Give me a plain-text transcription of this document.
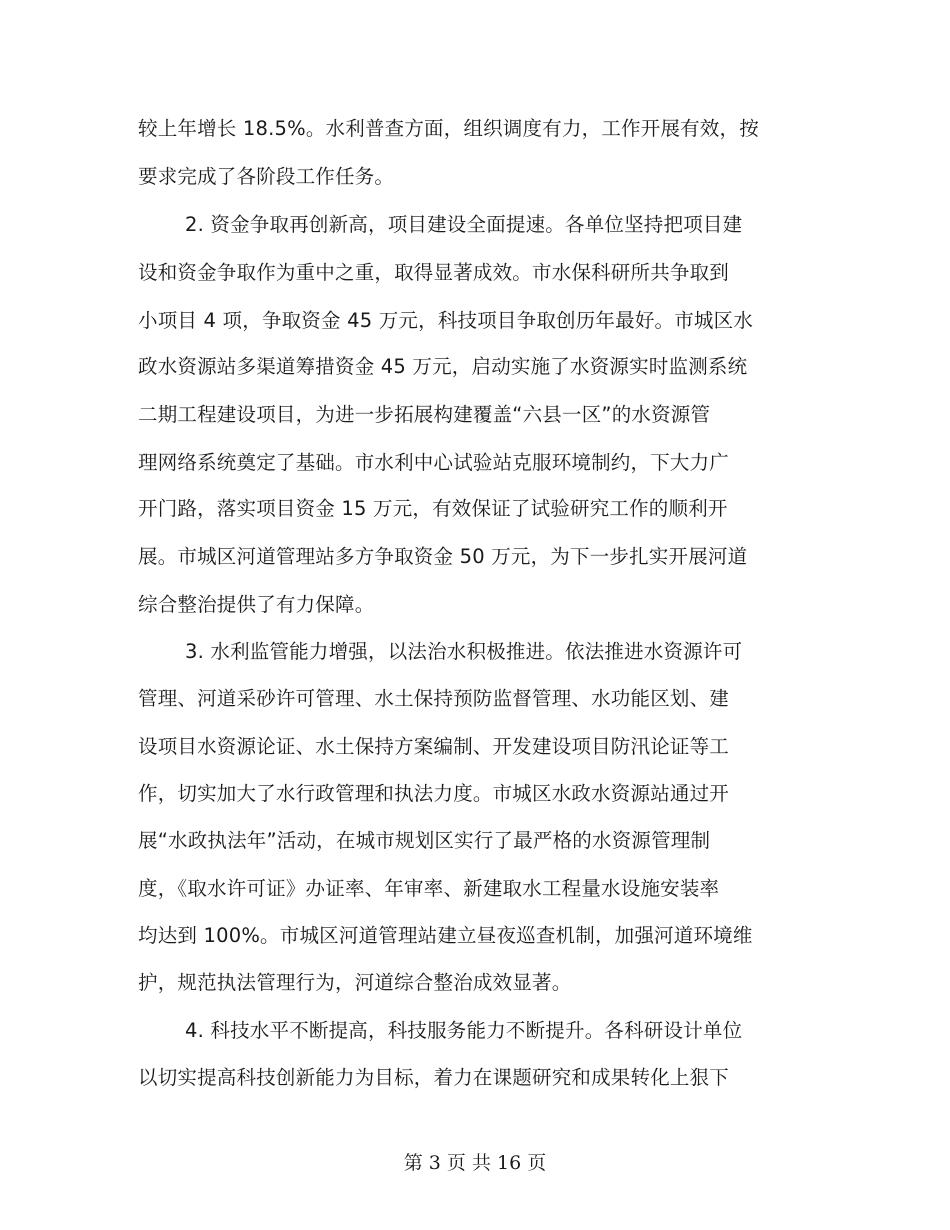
较上年增长 18.5%。水利普查方面，组织调度有力，工作开展有效，按
要求完成了各阶段工作任务。
2. 资金争取再创新高，项目建设全面提速。各单位坚持把项目建
设和资金争取作为重中之重，取得显著成效。市水保科研所共争取到
小项目 4 项，争取资金 45 万元，科技项目争取创历年最好。市城区水
政水资源站多渠道筹措资金 45 万元，启动实施了水资源实时监测系统
二期工程建设项目，为进一步拓展构建覆盖“六县一区”的水资源管
理网络系统奠定了基础。市水利中心试验站克服环境制约，下大力广
开门路，落实项目资金 15 万元，有效保证了试验研究工作的顺利开
展。市城区河道管理站多方争取资金 50 万元，为下一步扎实开展河道
综合整治提供了有力保障。
3. 水利监管能力增强，以法治水积极推进。依法推进水资源许可
管理、河道采砂许可管理、水土保持预防监督管理、水功能区划、建
设项目水资源论证、水土保持方案编制、开发建设项目防汛论证等工
作，切实加大了水行政管理和执法力度。市城区水政水资源站通过开
展“水政执法年”活动，在城市规划区实行了最严格的水资源管理制
度，《取水许可证》办证率、年审率、新建取水工程量水设施安装率
均达到 100%。市城区河道管理站建立昼夜巡查机制，加强河道环境维
护，规范执法管理行为，河道综合整治成效显著。
4. 科技水平不断提高，科技服务能力不断提升。各科研设计单位
以切实提高科技创新能力为目标，着力在课题研究和成果转化上狠下
第 3 页 共 16 页
